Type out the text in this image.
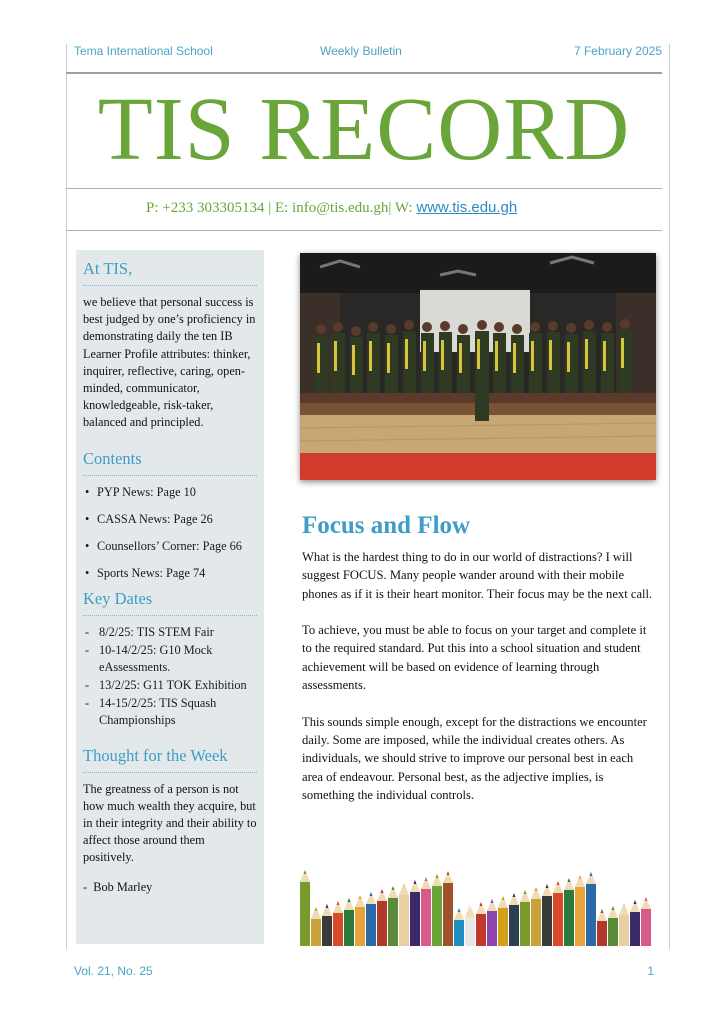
Tema International School	Weekly Bulletin	7 February 2025
TIS RECORD
P: +233 303305134 | E: info@tis.edu.gh| W: www.tis.edu.gh
At TIS,
we believe that personal success is best judged by one’s proficiency in demonstrating daily the ten IB Learner Profile attributes: thinker, inquirer, reflective, caring, open-minded, communicator, knowledgeable, risk-taker, balanced and principled.
Contents
• PYP News: Page 10
• CASSA News: Page 26
• Counsellors’ Corner: Page 66
• Sports News: Page 74
Key Dates
- 8/2/25: TIS STEM Fair
- 10-14/2/25: G10 Mock eAssessments.
- 13/2/25: G11 TOK Exhibition
- 14-15/2/25: TIS Squash Championships
Thought for the Week
The greatness of a person is not how much wealth they acquire, but in their integrity and their ability to affect those around them positively.
-  Bob Marley
Focus and Flow

What is the hardest thing to do in our world of distractions? I will suggest FOCUS. Many people wander around with their mobile phones as if it is their heart monitor. Their focus may be the next call.

To achieve, you must be able to focus on your target and complete it to the required standard. Put this into a school situation and student achievement will be based on evidence of learning through assessments.

This sounds simple enough, except for the distractions we encounter daily. Some are imposed, while the individual creates others. As individuals, we should strive to improve our personal best in each area of endeavour. Personal best, as the adjective implies, is something the individual controls.

Vol. 21, No. 25	1
